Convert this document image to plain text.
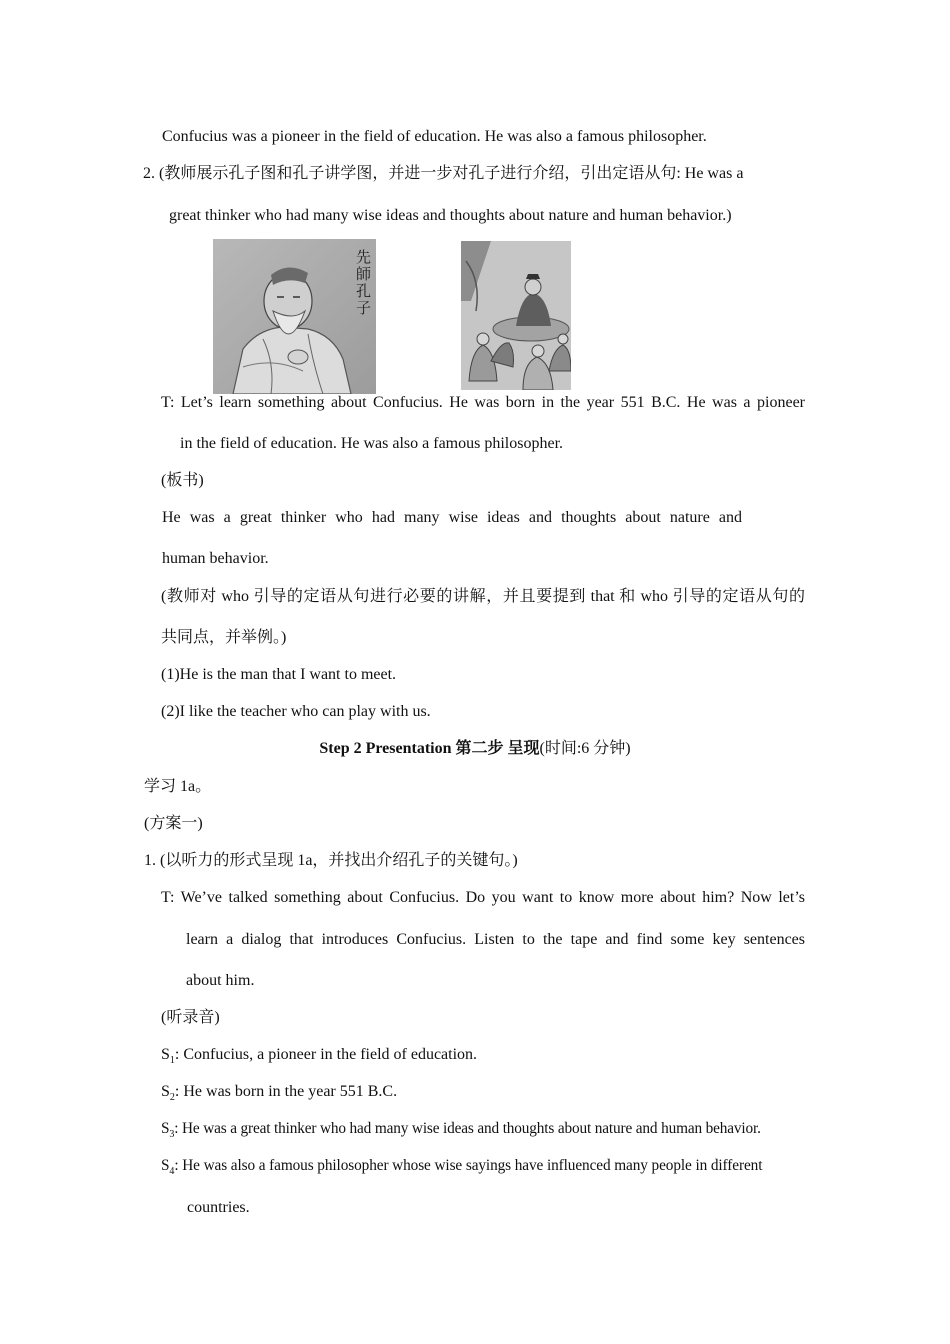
Confucius was a pioneer in the field of education. He was also a famous philosopher.
2. (教师展示孔子图和孔子讲学图，并进一步对孔子进行介绍，引出定语从句: He was a
great thinker who had many wise ideas and thoughts about nature and human behavior.)
先師孔子
T: Let’s learn something about Confucius. He was born in the year 551 B.C. He was a pioneer
in the field of education. He was also a famous philosopher.
(板书)
He was a great thinker who had many wise ideas and thoughts about nature and
human behavior.
(教师对 who 引导的定语从句进行必要的讲解，并且要提到 that 和 who 引导的定语从句的
共同点，并举例。)
(1)He is the man that I want to meet.
(2)I like the teacher who can play with us.
Step 2 Presentation 第二步 呈现(时间:6 分钟)
学习 1a。
(方案一)
1. (以听力的形式呈现 1a，并找出介绍孔子的关键句。)
T: We’ve talked something about Confucius. Do you want to know more about him? Now let’s
learn a dialog that introduces Confucius. Listen to the tape and find some key sentences
about him.
(听录音)
$S_1$: Confucius, a pioneer in the field of education.
$S_2$: He was born in the year 551 B.C.
$S_3$: He was a great thinker who had many wise ideas and thoughts about nature and human behavior.
$S_4$: He was also a famous philosopher whose wise sayings have influenced many people in different
countries.
